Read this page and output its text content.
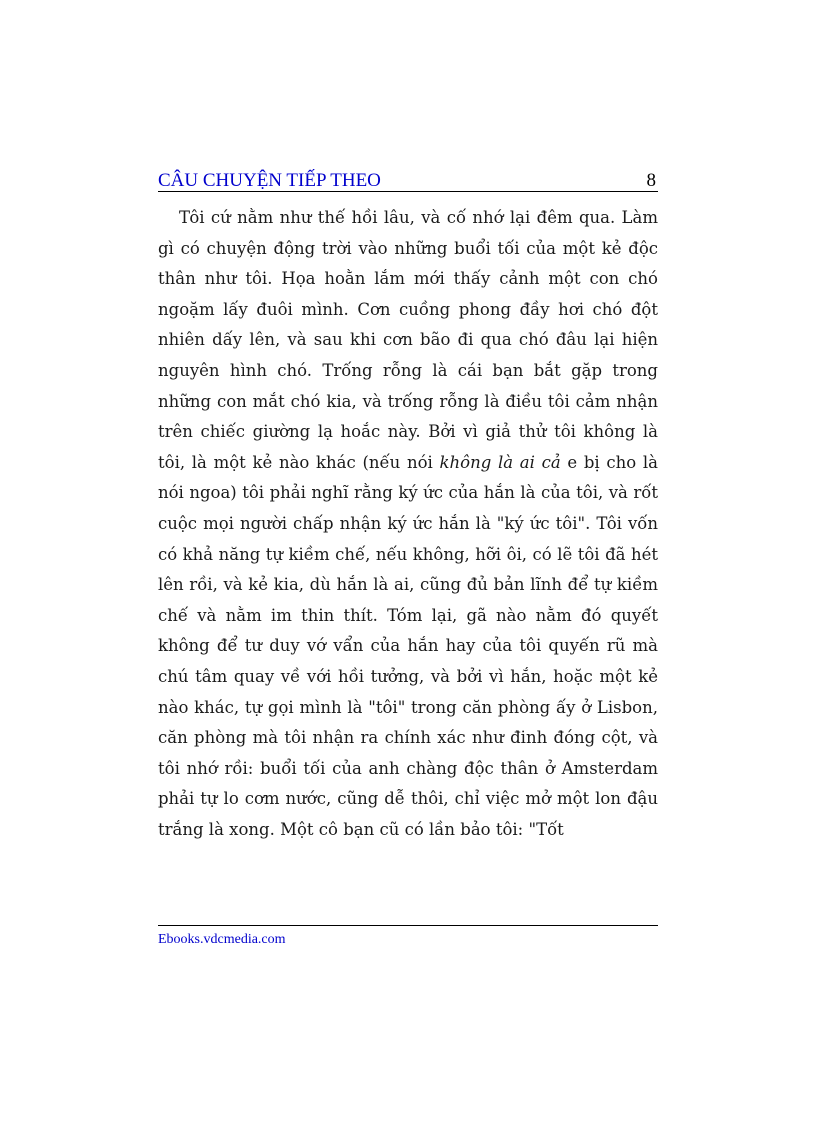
CÂU CHUYỆN TIẾP THEO	8

Tôi cứ nằm như thế hồi lâu, và cố nhớ lại đêm qua. Làm gì có chuyện động trời vào những buổi tối của một kẻ độc thân như tôi. Họa hoằn lắm mới thấy cảnh một con chó ngoặm lấy đuôi mình. Cơn cuồng phong đầy hơi chó đột nhiên dấy lên, và sau khi cơn bão đi qua chó đâu lại hiện nguyên hình chó. Trống rỗng là cái bạn bắt gặp trong những con mắt chó kia, và trống rỗng là điều tôi cảm nhận trên chiếc giường lạ hoắc này. Bởi vì giả thử tôi không là tôi, là một kẻ nào khác (nếu nói không là ai cả e bị cho là nói ngoa) tôi phải nghĩ rằng ký ức của hắn là của tôi, và rốt cuộc mọi người chấp nhận ký ức hắn là "ký ức tôi". Tôi vốn có khả năng tự kiềm chế, nếu không, hỡi ôi, có lẽ tôi đã hét lên rồi, và kẻ kia, dù hắn là ai, cũng đủ bản lĩnh để tự kiềm chế và nằm im thin thít. Tóm lại, gã nào nằm đó quyết không để tư duy vớ vẩn của hắn hay của tôi quyến rũ mà chú tâm quay về với hồi tưởng, và bởi vì hắn, hoặc một kẻ nào khác, tự gọi mình là "tôi" trong căn phòng ấy ở Lisbon, căn phòng mà tôi nhận ra chính xác như đinh đóng cột, và tôi nhớ rồi: buổi tối của anh chàng độc thân ở Amsterdam phải tự lo cơm nước, cũng dễ thôi, chỉ việc mở một lon đậu trắng là xong. Một cô bạn cũ có lần bảo tôi: "Tốt

Ebooks.vdcmedia.com
